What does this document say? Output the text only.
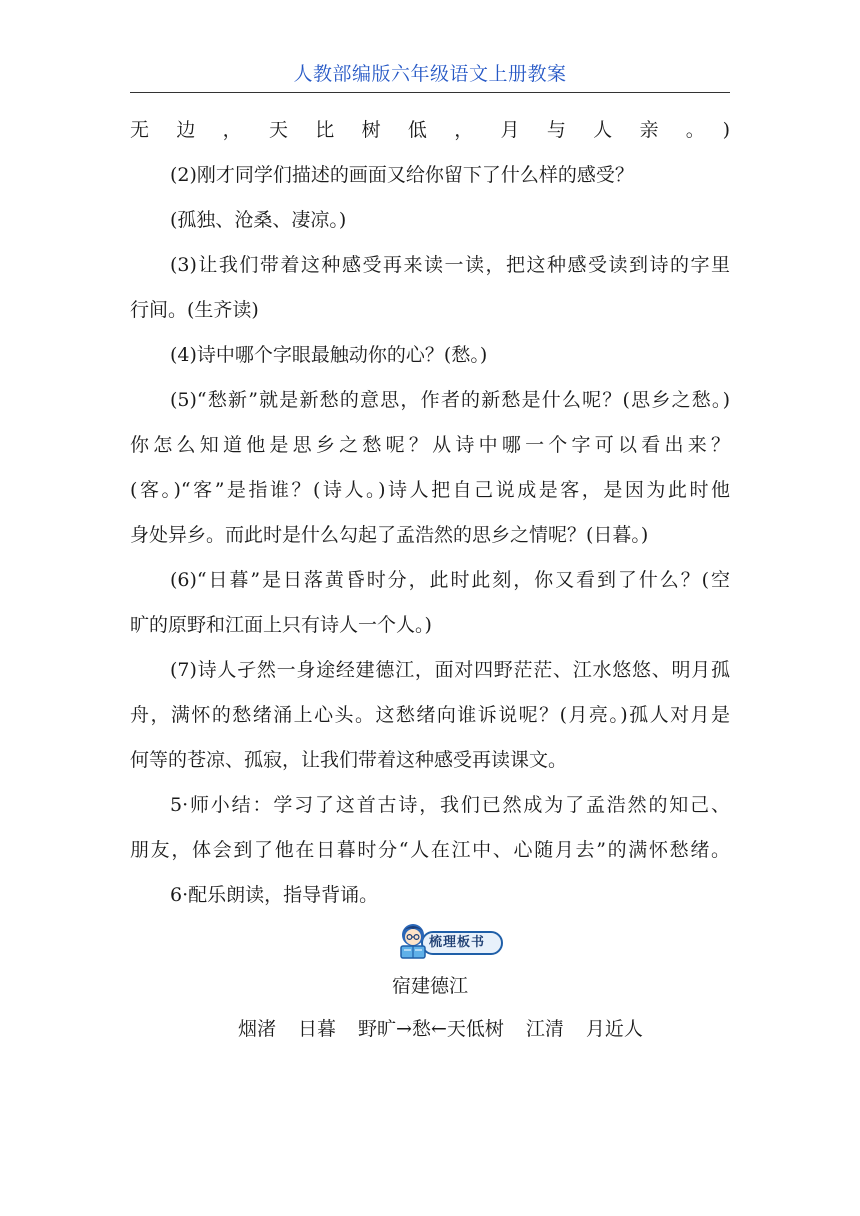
人教部编版六年级语文上册教案
无边，天比树低，月与人亲。)
(2)刚才同学们描述的画面又给你留下了什么样的感受？
(孤独、沧桑、凄凉。)
(3)让我们带着这种感受再来读一读，把这种感受读到诗的字里
行间。(生齐读)
(4)诗中哪个字眼最触动你的心？(愁。)
(5)“愁新”就是新愁的意思，作者的新愁是什么呢？(思乡之愁。)
你怎么知道他是思乡之愁呢？从诗中哪一个字可以看出来？
(客。)“客”是指谁？(诗人。)诗人把自己说成是客，是因为此时他
身处异乡。而此时是什么勾起了孟浩然的思乡之情呢？(日暮。)
(6)“日暮”是日落黄昏时分，此时此刻，你又看到了什么？(空
旷的原野和江面上只有诗人一个人。)
(7)诗人孑然一身途经建德江，面对四野茫茫、江水悠悠、明月孤
舟，满怀的愁绪涌上心头。这愁绪向谁诉说呢？(月亮。)孤人对月是
何等的苍凉、孤寂，让我们带着这种感受再读课文。
5·师小结：学习了这首古诗，我们已然成为了孟浩然的知己、
朋友，体会到了他在日暮时分“人在江中、心随月去”的满怀愁绪。
6·配乐朗读，指导背诵。
梳理板书
宿建德江
烟渚 日暮 野旷→愁←天低树 江清 月近人
